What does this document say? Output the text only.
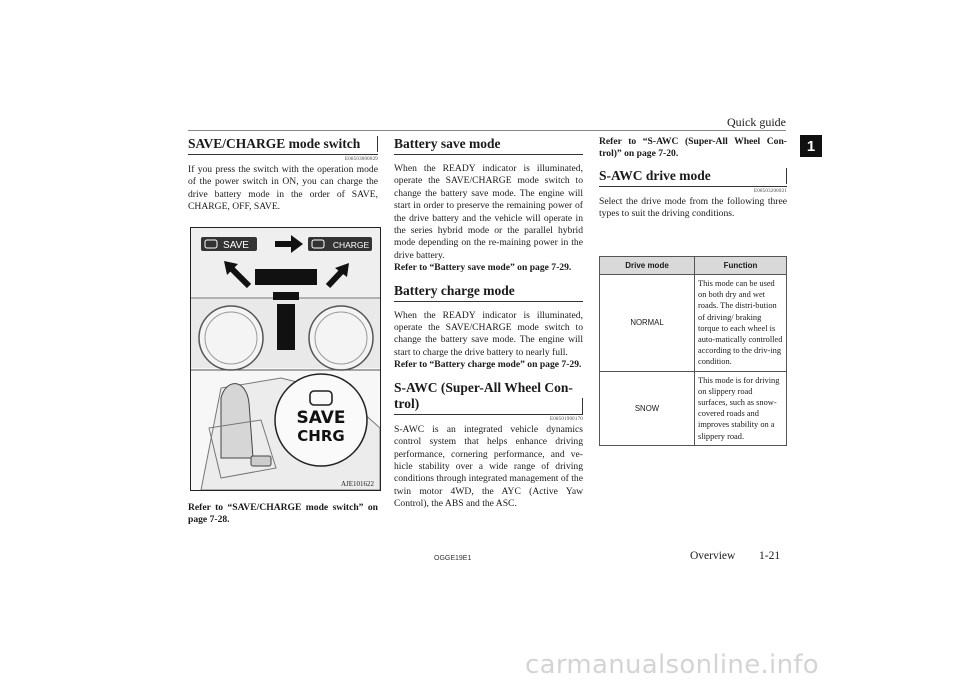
Quick guide
1
SAVE/CHARGE mode switch
E08503000029
If you press the switch with the operation mode of the power switch in ON, you can charge the drive battery mode in the order of SAVE, CHARGE, OFF, SAVE.
SAVE	CHARGE
SAVE
CHRG
AJE101622
Refer to “SAVE/CHARGE mode switch” on page 7-28.
Battery save mode
When the READY indicator is illuminated, operate the SAVE/CHARGE mode switch to change the battery save mode. The engine will start in order to preserve the remaining power of the drive battery and the vehicle will operate in the series hybrid mode or the parallel hybrid mode depending on the re-maining power in the drive battery.
Refer to “Battery save mode” on page 7-29.
Battery charge mode
When the READY indicator is illuminated, operate the SAVE/CHARGE mode switch to change the battery save mode. The engine will start to charge the drive battery to nearly full.
Refer to “Battery charge mode” on page 7-29.
S-AWC (Super-All Wheel Con-
trol)
E08501900170
S-AWC is an integrated vehicle dynamics control system that helps enhance driving performance, cornering performance, and ve-hicle stability over a wide range of driving conditions through integrated management of the twin motor 4WD, the AYC (Active Yaw Control), the ABS and the ASC.
Refer to “S-AWC (Super-All Wheel Con-trol)” on page 7-20.
S-AWC drive mode
E08503200021
Select the drive mode from the following three types to suit the driving conditions.
Drive mode	Function
NORMAL	This mode can be used on both dry and wet roads. The distri-bution of driving/ braking torque to each wheel is auto-matically controlled according to the driv-ing condition.
SNOW	This mode is for driving on slippery road surfaces, such as snow-covered roads and improves stability on a slippery road.
OGGE19E1	Overview 1-21
carmanualsonline.info
